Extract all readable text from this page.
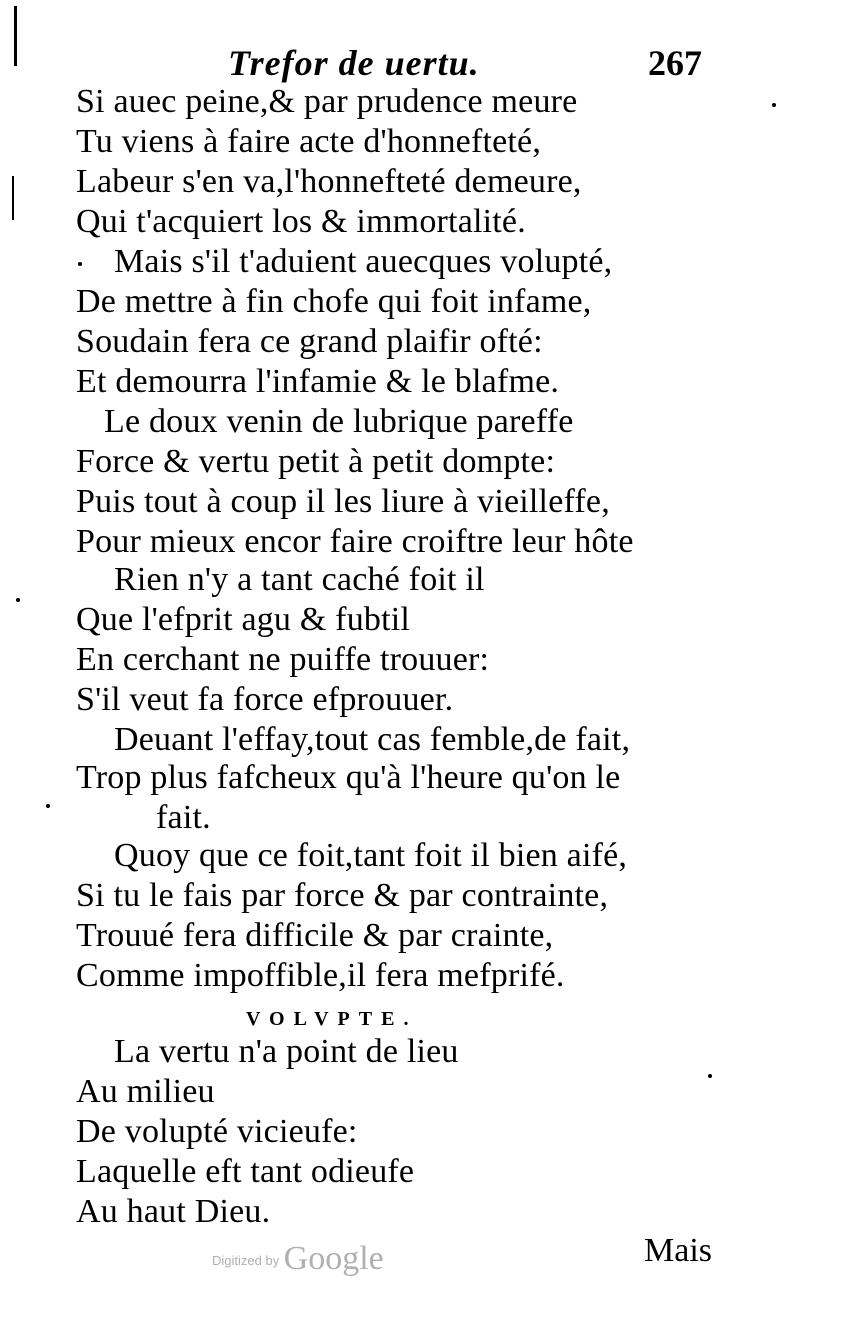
Trefor de uertu.	267
Si auec peine,& par prudence meure
Tu viens à faire acte d'honnefteté,
Labeur s'en va,l'honnefteté demeure,
Qui t'acquiert los & immortalité.
Mais s'il t'aduient auecques volupté,
De mettre à fin chofe qui foit infame,
Soudain fera ce grand plaifir ofté:
Et demourra l'infamie & le blafme.
Le doux venin de lubrique pareffe
Force & vertu petit à petit dompte:
Puis tout à coup il les liure à vieilleffe,
Pour mieux encor faire croiftre leur hôte
Rien n'y a tant caché foit il
Que l'efprit agu & fubtil
En cerchant ne puiffe trouuer:
S'il veut fa force efprouuer.
Deuant l'effay,tout cas femble,de fait,
Trop plus fafcheux qu'à l'heure qu'on le
fait.
Quoy que ce foit,tant foit il bien aifé,
Si tu le fais par force & par contrainte,
Trouué fera difficile & par crainte,
Comme impoffible,il fera mefprifé.
VOLVPTE.
La vertu n'a point de lieu
Au milieu
De volupté vicieufe:
Laquelle eft tant odieufe
Au haut Dieu.
$^{Digitized by}$ Google	Mais
